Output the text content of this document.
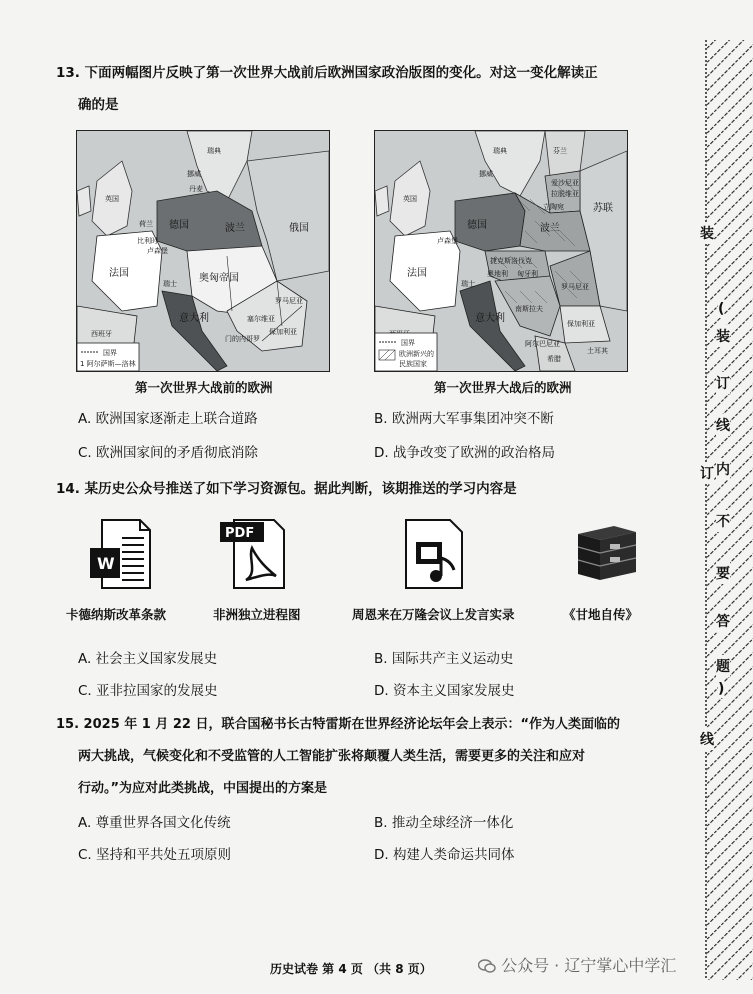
13. 下面两幅图片反映了第一次世界大战前后欧洲国家政治版图的变化。对这一变化解读正
确的是
瑞典
挪威
丹麦
英国
德国	波兰	俄国
荷兰
比利时
卢森堡
法国
瑞士 奥匈帝国
罗马尼亚
塞尔维亚
保加利亚
门的内哥罗
意大利
西班牙
国界
1 阿尔萨斯—洛林
第一次世界大战前的欧洲
瑞典
挪威
芬兰
爱沙尼亚
拉脱维亚
立陶宛	苏联
英国
德国	波兰
捷克斯洛伐克
奥地利 匈牙利
罗马尼亚
南斯拉夫
保加利亚
法国
卢森堡
瑞士
意大利
阿尔巴尼亚
希腊
土耳其
国界
欧洲新兴的
民族国家
第一次世界大战后的欧洲
A. 欧洲国家逐渐走上联合道路	B. 欧洲两大军事集团冲突不断
C. 欧洲国家间的矛盾彻底消除	D. 战争改变了欧洲的政治格局
14. 某历史公众号推送了如下学习资源包。据此判断，该期推送的学习内容是
W
PDF
卡德纳斯改革条款	非洲独立进程图	周恩来在万隆会议上发言实录	《甘地自传》
A. 社会主义国家发展史	B. 国际共产主义运动史
C. 亚非拉国家的发展史	D. 资本主义国家发展史
15. 2025 年 1 月 22 日，联合国秘书长古特雷斯在世界经济论坛年会上表示：“作为人类面临的
两大挑战，气候变化和不受监管的人工智能扩张将颠覆人类生活，需要更多的关注和应对
行动。”为应对此类挑战，中国提出的方案是
A. 尊重世界各国文化传统	B. 推动全球经济一体化
C. 坚持和平共处五项原则	D. 构建人类命运共同体
装
(
装
订
线
订 内
不
要
答
题
)
线
历史试卷 第 4 页 （共 8 页）	公众号 · 辽宁掌心中学汇
